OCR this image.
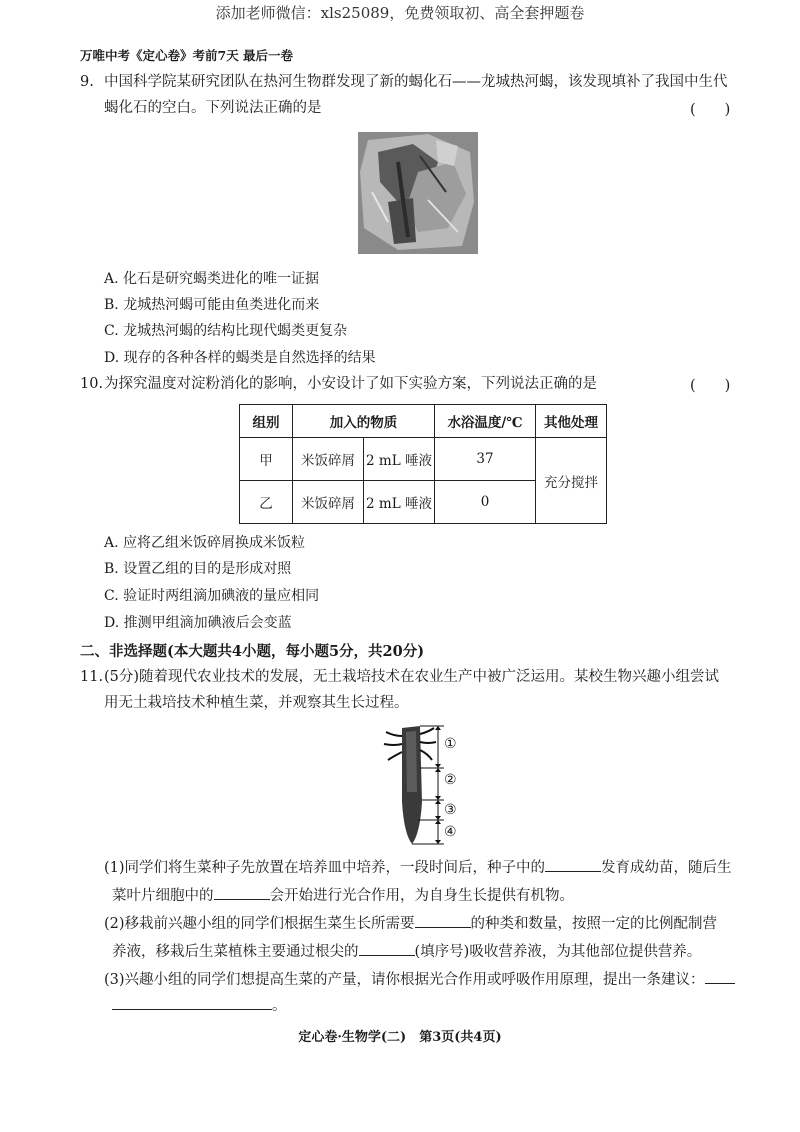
添加老师微信：xls25089，免费领取初、高全套押题卷
万唯中考《定心卷》考前7天 最后一卷
9. 中国科学院某研究团队在热河生物群发现了新的蝎化石——龙城热河蝎，该发现填补了我国中生代
蝎化石的空白。下列说法正确的是	(　　)
A. 化石是研究蝎类进化的唯一证据
B. 龙城热河蝎可能由鱼类进化而来
C. 龙城热河蝎的结构比现代蝎类更复杂
D. 现存的各种各样的蝎类是自然选择的结果
10.为探究温度对淀粉消化的影响，小安设计了如下实验方案，下列说法正确的是	(　　)
组别	加入的物质		水浴温度/℃	其他处理
甲	米饭碎屑	2 mL 唾液	37	充分搅拌
乙	米饭碎屑	2 mL 唾液	0	
A. 应将乙组米饭碎屑换成米饭粒
B. 设置乙组的目的是形成对照
C. 验证时两组滴加碘液的量应相同
D. 推测甲组滴加碘液后会变蓝
二、非选择题(本大题共4小题，每小题5分，共20分)
11.(5分)随着现代农业技术的发展，无土栽培技术在农业生产中被广泛运用。某校生物兴趣小组尝试
用无土栽培技术种植生菜，并观察其生长过程。
①
②
③
④
(1)同学们将生菜种子先放置在培养皿中培养，一段时间后，种子中的	发育成幼苗，随后生
菜叶片细胞中的	会开始进行光合作用，为自身生长提供有机物。
(2)移栽前兴趣小组的同学们根据生菜生长所需要	的种类和数量，按照一定的比例配制营
养液，移栽后生菜植株主要通过根尖的	(填序号)吸收营养液，为其他部位提供营养。
(3)兴趣小组的同学们想提高生菜的产量，请你根据光合作用或呼吸作用原理，提出一条建议：
。
定心卷·生物学(二)　第3页(共4页)
